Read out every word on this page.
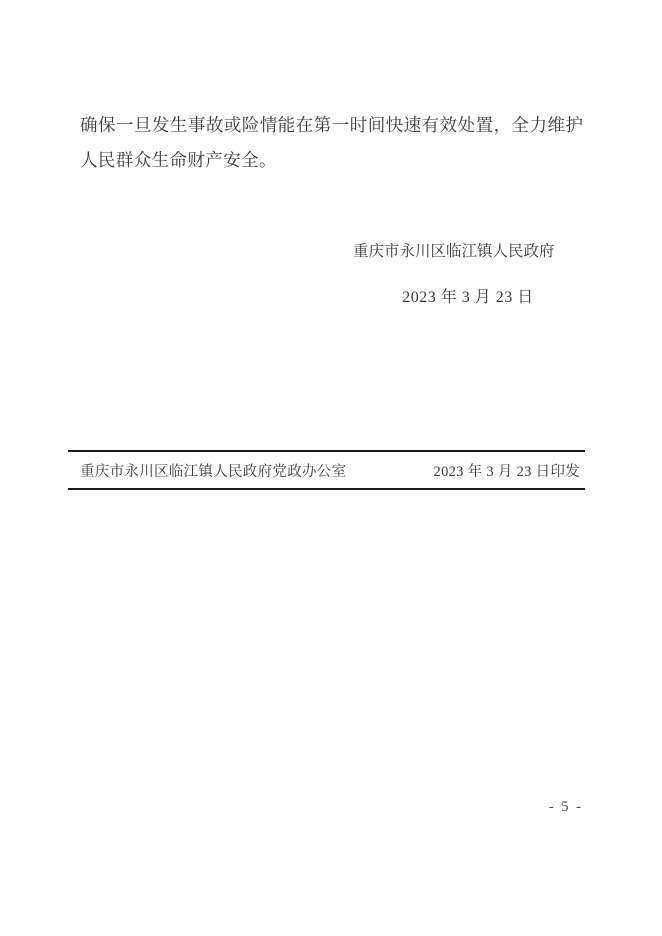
确保一旦发生事故或险情能在第一时间快速有效处置，全力维护
人民群众生命财产安全。
重庆市永川区临江镇人民政府
2023 年 3 月 23 日
重庆市永川区临江镇人民政府党政办公室	2023 年 3 月 23 日印发
- 5 -
